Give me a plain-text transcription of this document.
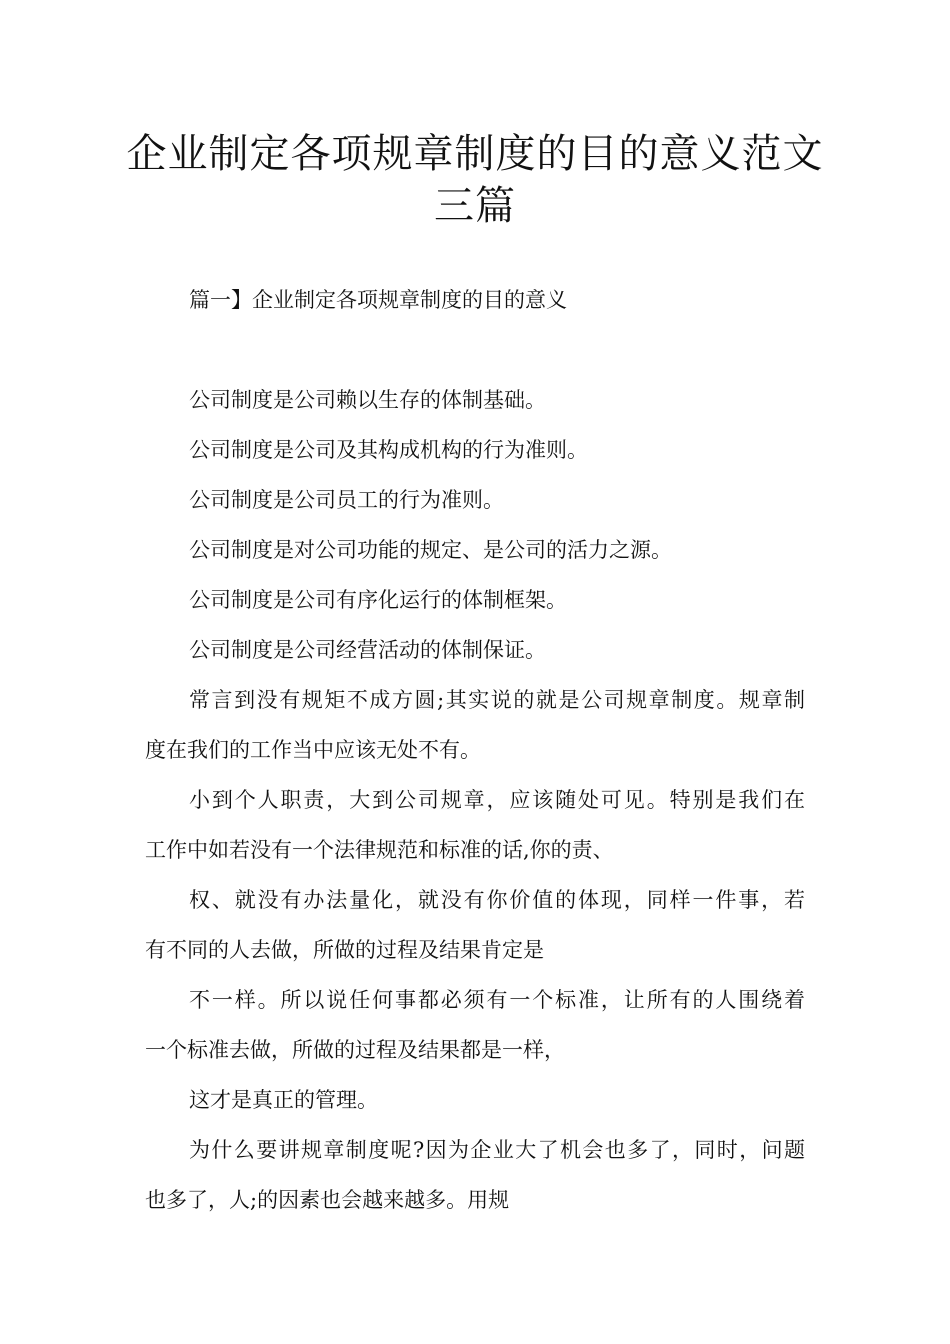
企业制定各项规章制度的目的意义范文
三篇

篇一】企业制定各项规章制度的目的意义

公司制度是公司赖以生存的体制基础。

公司制度是公司及其构成机构的行为准则。

公司制度是公司员工的行为准则。

公司制度是对公司功能的规定、是公司的活力之源。

公司制度是公司有序化运行的体制框架。

公司制度是公司经营活动的体制保证。

常言到没有规矩不成方圆;其实说的就是公司规章制度。规章制

度在我们的工作当中应该无处不有。

小到个人职责，大到公司规章，应该随处可见。特别是我们在

工作中如若没有一个法律规范和标准的话,你的责、

权、就没有办法量化，就没有你价值的体现，同样一件事，若

有不同的人去做，所做的过程及结果肯定是

不一样。所以说任何事都必须有一个标准，让所有的人围绕着

一个标准去做，所做的过程及结果都是一样，

这才是真正的管理。

为什么要讲规章制度呢?因为企业大了机会也多了，同时，问题

也多了，人;的因素也会越来越多。用规
